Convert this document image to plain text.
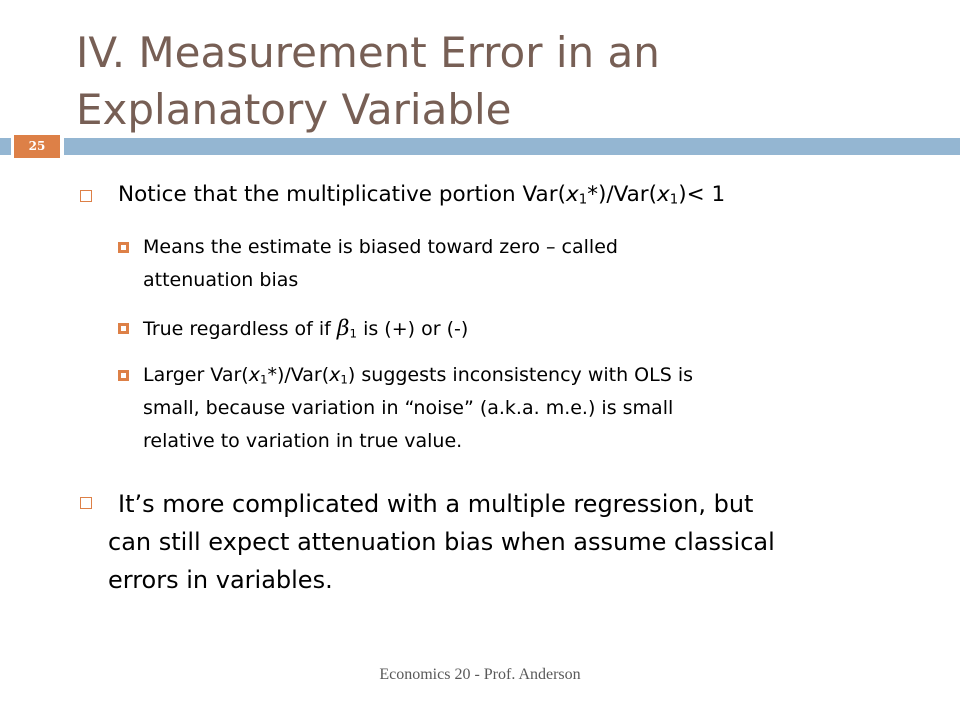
IV. Measurement Error in an
Explanatory Variable
25
Notice that the multiplicative portion $Var(x_1*)/Var(x_1)< 1$
Means the estimate is biased toward zero – called
attenuation bias
True regardless of if $\beta_1$ is (+) or (-)
Larger $Var(x_1*)/Var(x_1)$ suggests inconsistency with OLS is
small, because variation in “noise” (a.k.a. m.e.) is small
relative to variation in true value.
It’s more complicated with a multiple regression, but
can still expect attenuation bias when assume classical
errors in variables.
Economics 20 - Prof. Anderson
